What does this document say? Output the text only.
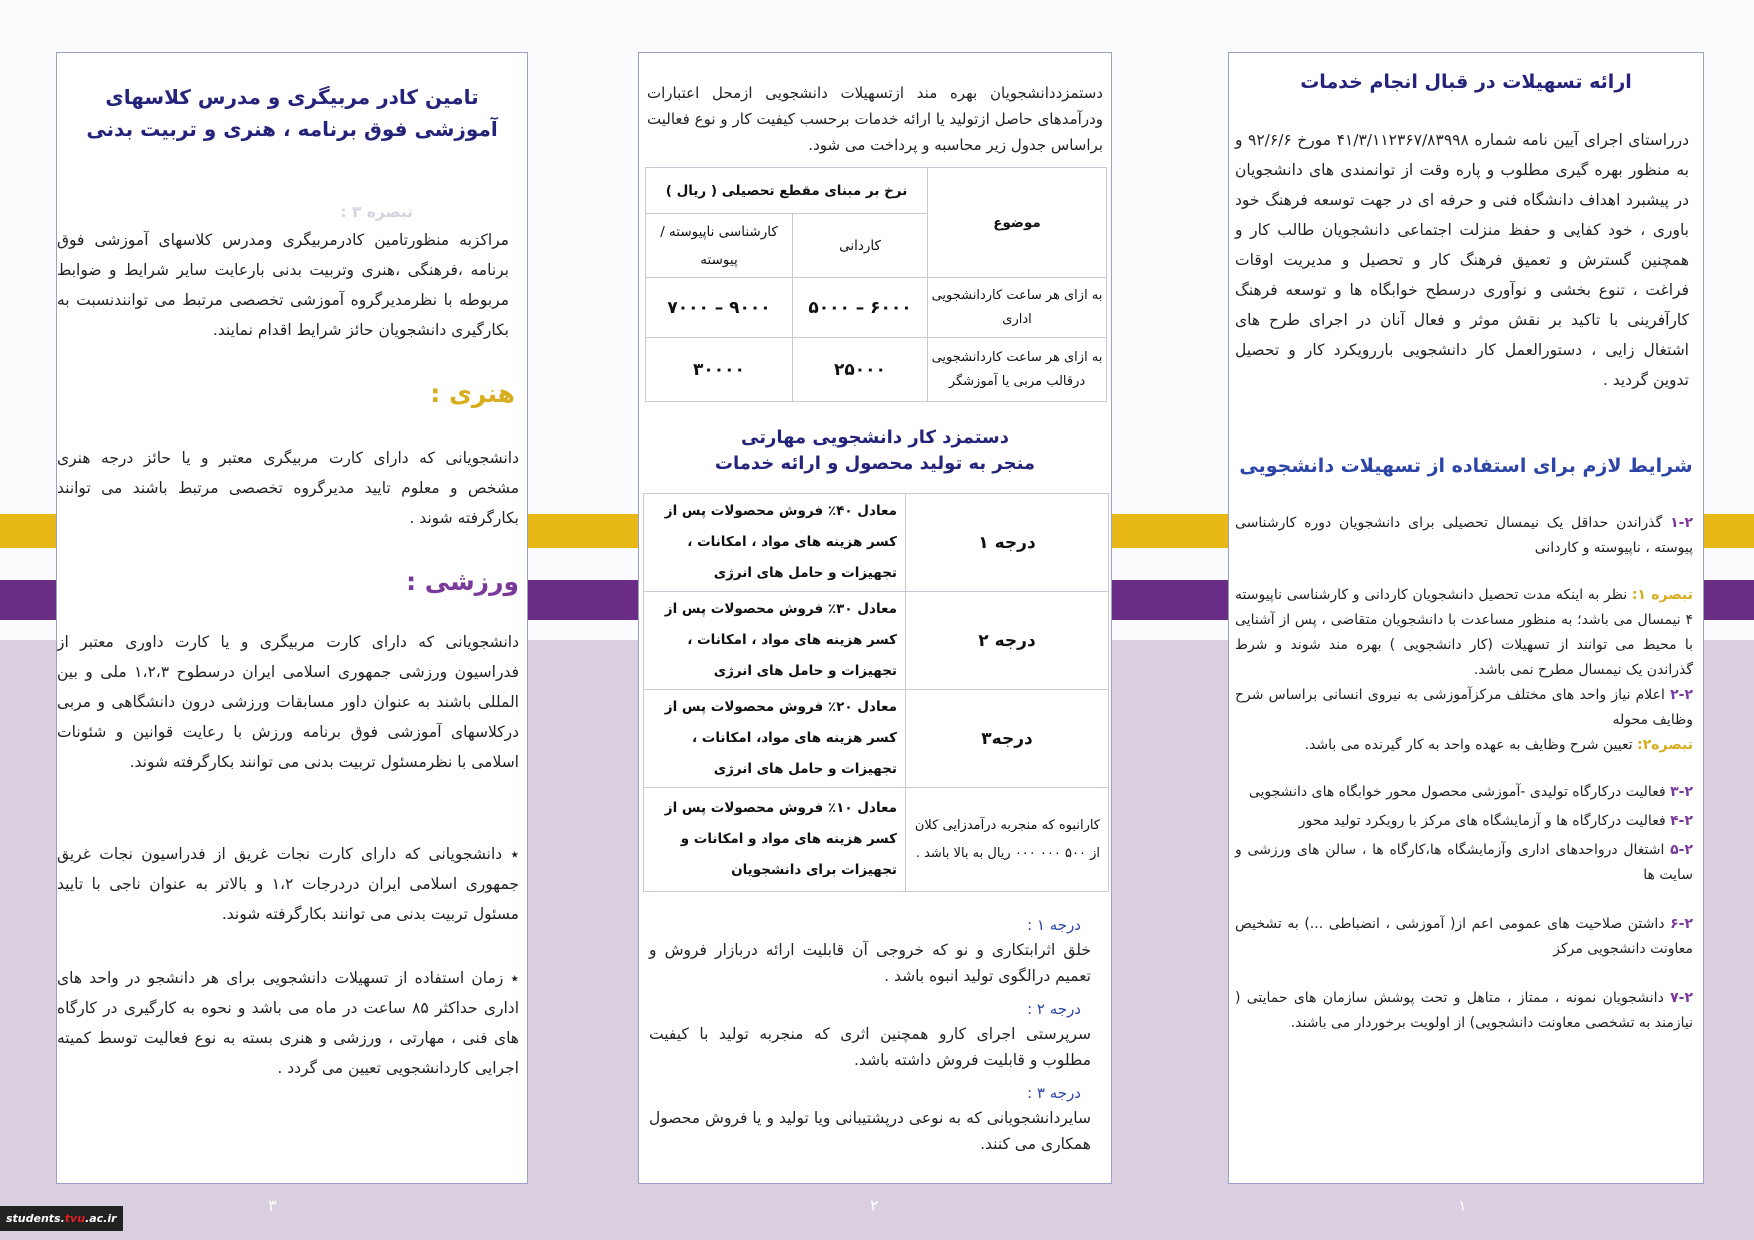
تامین کادر مربیگری و مدرس کلاسهای
آموزشی فوق برنامه ، هنری و تربیت بدنی
تبصره ۳ :

مراکزبه منظورتامین کادرمربیگری ومدرس کلاسهای آموزشی فوق برنامه ،فرهنگی ،هنری وتربیت بدنی بارعایت سایر شرایط و ضوابط مربوطه با نظرمدیرگروه آموزشی تخصصی مرتبط می توانندنسبت به بکارگیری دانشجویان حائز شرایط اقدام نمایند.

هنری :

دانشجویانی که دارای کارت مربیگری معتبر و یا حائز درجه هنری مشخص و معلوم تایید مدیرگروه تخصصی مرتبط باشند می توانند بکارگرفته شوند .

ورزشی :

دانشجویانی که دارای کارت مربیگری و یا کارت داوری معتبر از فدراسیون ورزشی جمهوری اسلامی ایران درسطوح ۱،۲،۳ ملی و بین المللی باشند به عنوان داور مسابقات ورزشی درون دانشگاهی و مربی درکلاسهای آموزشی فوق برنامه ورزش با رعایت قوانین و شئونات اسلامی با نظرمسئول تربیت بدنی می توانند بکارگرفته شوند.

٭ دانشجویانی که دارای کارت نجات غریق از فدراسیون نجات غریق جمهوری اسلامی ایران دردرجات ۱،۲ و بالاتر به عنوان ناجی با تایید مسئول تربیت بدنی می توانند بکارگرفته شوند.

٭ زمان استفاده از تسهیلات دانشجویی برای هر دانشجو در واحد های اداری حداکثر ۸۵ ساعت در ماه می باشد و نحوه به کارگیری در کارگاه های فنی ، مهارتی ، ورزشی و هنری بسته به نوع فعالیت توسط کمیته اجرایی کاردانشجویی تعیین می گردد .

دستمزددانشجویان بهره مند ازتسهیلات دانشجویی ازمحل اعتبارات ودرآمدهای حاصل ازتولید یا ارائه خدمات برحسب کیفیت کار و نوع فعالیت براساس جدول زیر محاسبه و پرداخت می شود.

موضوع	نرخ بر مبنای مقطع تحصیلی ( ریال )	
	کاردانی	کارشناسی ناپیوسته / پیوسته
به ازای هر ساعت کاردانشجویی اداری	۶۰۰۰ – ۵۰۰۰	۹۰۰۰ – ۷۰۰۰
به ازای هر ساعت کاردانشجویی درقالب مربی یا آموزشگر	۲۵۰۰۰	۳۰۰۰۰
دستمزد کار دانشجویی مهارتی
منجر به تولید محصول و ارائه خدمات
درجه ۱	معادل ۴۰٪ فروش محصولات پس از کسر هزینه های مواد ، امکانات ، تجهیزات و حامل های انرژی
درجه ۲	معادل ۳۰٪ فروش محصولات پس از کسر هزینه های مواد ، امکانات ، تجهیزات و حامل های انرژی
درجه۳	معادل ۲۰٪ فروش محصولات پس از کسر هزینه های مواد، امکانات ، تجهیزات و حامل های انرژی
کارانبوه که منجربه درآمدزایی کلان از ۵۰۰ ۰۰۰ ۰۰۰ ریال به بالا باشد .	معادل ۱۰٪ فروش محصولات پس از کسر هزینه های مواد و امکانات و تجهیزات برای دانشجویان
درجه ۱ :

خلق اثرابتکاری و نو که خروجی آن قابلیت ارائه دربازار فروش و تعمیم درالگوی تولید انبوه باشد .

درجه ۲ :

سرپرستی اجرای کارو همچنین اثری که منجربه تولید با کیفیت مطلوب و قابلیت فروش داشته باشد.

درجه ۳ :

سایردانشجویانی که به نوعی درپشتیبانی ویا تولید و یا فروش محصول همکاری می کنند.

ارائه تسهیلات در قبال انجام خدمات

درراستای اجرای آیین نامه شماره ۴۱/۳/۱۱۲۳۶۷/۸۳۹۹۸ مورخ ۹۲/۶/۶ و به منظور بهره گیری مطلوب و پاره وقت از توانمندی های دانشجویان در پیشبرد اهداف دانشگاه فنی و حرفه ای در جهت توسعه فرهنگ خود باوری ، خود کفایی و حفظ منزلت اجتماعی دانشجویان طالب کار و همچنین گسترش و تعمیق فرهنگ کار و تحصیل و مدیریت اوقات فراغت ، تنوع بخشی و نوآوری درسطح خوابگاه ها و توسعه فرهنگ کارآفرینی با تاکید بر نقش موثر و فعال آنان در اجرای طرح های اشتغال زایی ، دستورالعمل کار دانشجویی باررویکرد کار و تحصیل تدوین گردید .

شرایط لازم برای استفاده از تسهیلات دانشجویی

۱-۲ گذراندن حداقل یک نیمسال تحصیلی برای دانشجویان دوره کارشناسی پیوسته ، ناپیوسته و کاردانی

تبصره ۱: نظر به اینکه مدت تحصیل دانشجویان کاردانی و کارشناسی ناپیوسته ۴ نیمسال می باشد؛ به منظور مساعدت با دانشجویان متقاضی ، پس از آشنایی با محیط می توانند از تسهیلات (کار دانشجویی ) بهره مند شوند و شرط گذراندن یک نیمسال مطرح نمی باشد.

۲-۲ اعلام نیاز واحد های مختلف مرکزآموزشی به نیروی انسانی براساس شرح وظایف محوله

تبصره۲: تعیین شرح وظایف به عهده واحد به کار گیرنده می باشد.

۳-۲ فعالیت درکارگاه تولیدی -آموزشی محصول محور خوابگاه های دانشجویی

۴-۲ فعالیت درکارگاه ها و آزمایشگاه های مرکز با رویکرد تولید محور

۵-۲ اشتغال درواحدهای اداری وآزمایشگاه ها،کارگاه ها ، سالن های ورزشی و سایت ها

۶-۲ داشتن صلاحیت های عمومی اعم از( آموزشی ، انضباطی ...) به تشخیص معاونت دانشجویی مرکز

۷-۲ دانشجویان نمونه ، ممتاز ، متاهل و تحت پوشش سازمان های حمایتی ( نیازمند به تشخصی معاونت دانشجویی) از اولویت برخوردار می باشند.

۳	۲	۱
students.tvu.ac.ir
